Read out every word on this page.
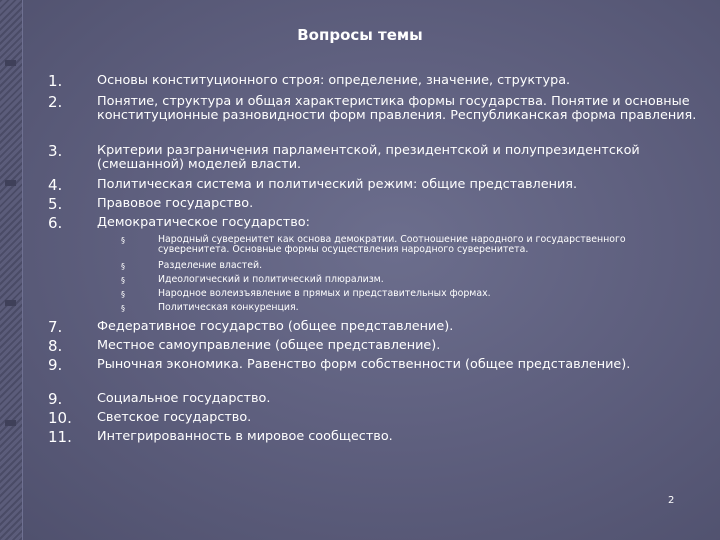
Вопросы темы
1.	Основы конституционного строя: определение, значение, структура.
2.	Понятие, структура и общая характеристика формы государства. Понятие и основные конституционные разновидности форм правления. Республиканская форма правления.
3.	Критерии разграничения парламентской, президентской и полупрезидентской (смешанной) моделей власти.
4.	Политическая система и политический режим: общие представления.
5.	Правовое государство.
6.	Демократическое государство:
§	Народный суверенитет как основа демократии. Соотношение народного и государственного суверенитета. Основные формы осуществления народного суверенитета.
§	Разделение властей.
§	Идеологический и политический плюрализм.
§	Народное волеизъявление в прямых и представительных формах.
§	Политическая конкуренция.
7.	Федеративное государство (общее представление).
8.	Местное самоуправление (общее представление).
9.	Рыночная экономика. Равенство форм собственности (общее представление).
9.	Социальное государство.
10.	Светское государство.
11.	Интегрированность в мировое сообщество.
2
